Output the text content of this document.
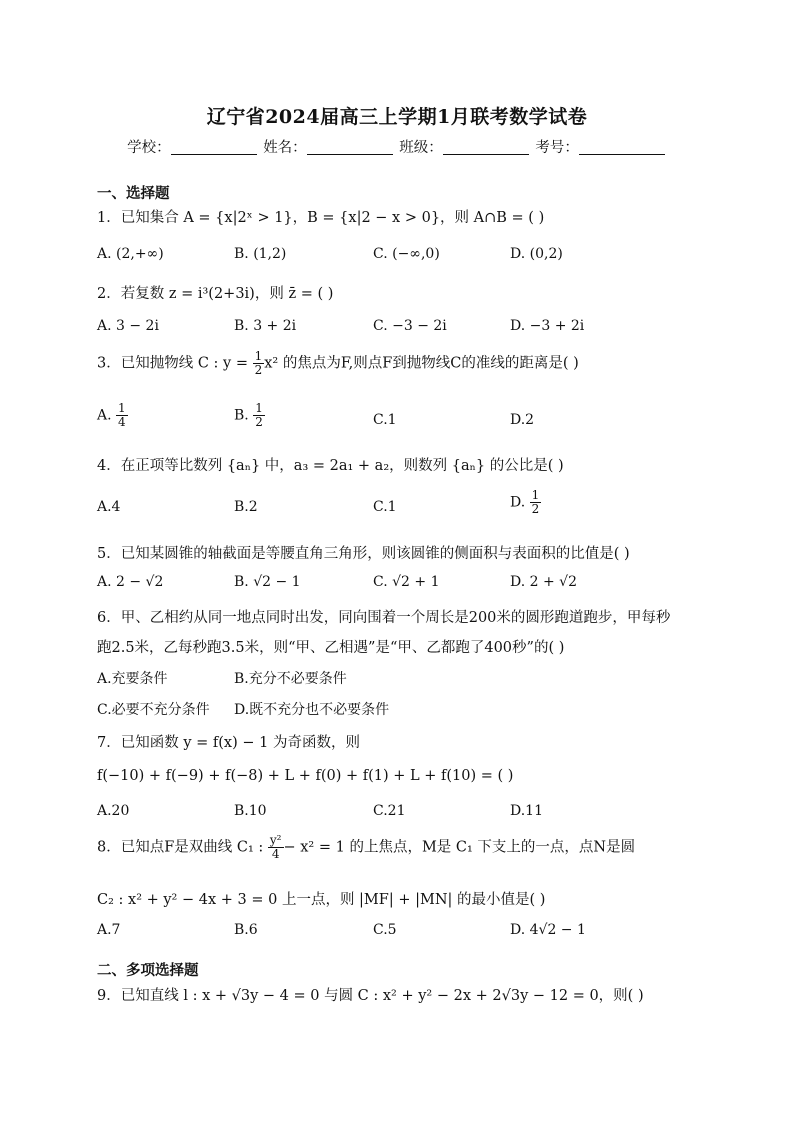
辽宁省2024届高三上学期1月联考数学试卷
学校：	姓名：	班级：	考号：
一、选择题
1．已知集合 A = {x|2ˣ > 1}，B = {x|2 − x > 0}，则 A∩B = ( )
A. (2,+∞)	B. (1,2)	C. (−∞,0)	D. (0,2)
2．若复数 z = i³(2+3i)，则 z̄ = ( )
A. 3 − 2i	B. 3 + 2i	C. −3 − 2i	D. −3 + 2i
3．已知抛物线 C : $y = \frac{1}{2} x^2$ 的焦点为F,则点F到抛物线C的准线的距离是( )
A. $\frac{1}{4}$	B. $\frac{1}{2}$	C.1	D.2
4．在正项等比数列 {aₙ} 中，a₃ = 2a₁ + a₂，则数列 {aₙ} 的公比是( )
A.4	B.2	C.1	D. $\frac{1}{2}$
5．已知某圆锥的轴截面是等腰直角三角形，则该圆锥的侧面积与表面积的比值是( )
A. 2 − √2	B. √2 − 1	C. √2 + 1	D. 2 + √2
6．甲、乙相约从同一地点同时出发，同向围着一个周长是200米的圆形跑道跑步，甲每秒
跑2.5米，乙每秒跑3.5米，则“甲、乙相遇”是“甲、乙都跑了400秒”的( )
A.充要条件	B.充分不必要条件
C.必要不充分条件 D.既不充分也不必要条件
7．已知函数 y = f(x) − 1 为奇函数，则
f(−10) + f(−9) + f(−8) + L + f(0) + f(1) + L + f(10) = ( )
A.20	B.10	C.21	D.11
8．已知点F是双曲线 C₁ : $\frac{\text{y²}}{4} - x^2 = 1$ 的上焦点，M是 C₁ 下支上的一点，点N是圆
C₂ : x² + y² − 4x + 3 = 0 上一点，则 |MF| + |MN| 的最小值是( )
A.7	B.6	C.5	D. 4√2 − 1
二、多项选择题
9．已知直线 l : x + √3y − 4 = 0 与圆 C : x² + y² − 2x + 2√3y − 12 = 0，则( )
